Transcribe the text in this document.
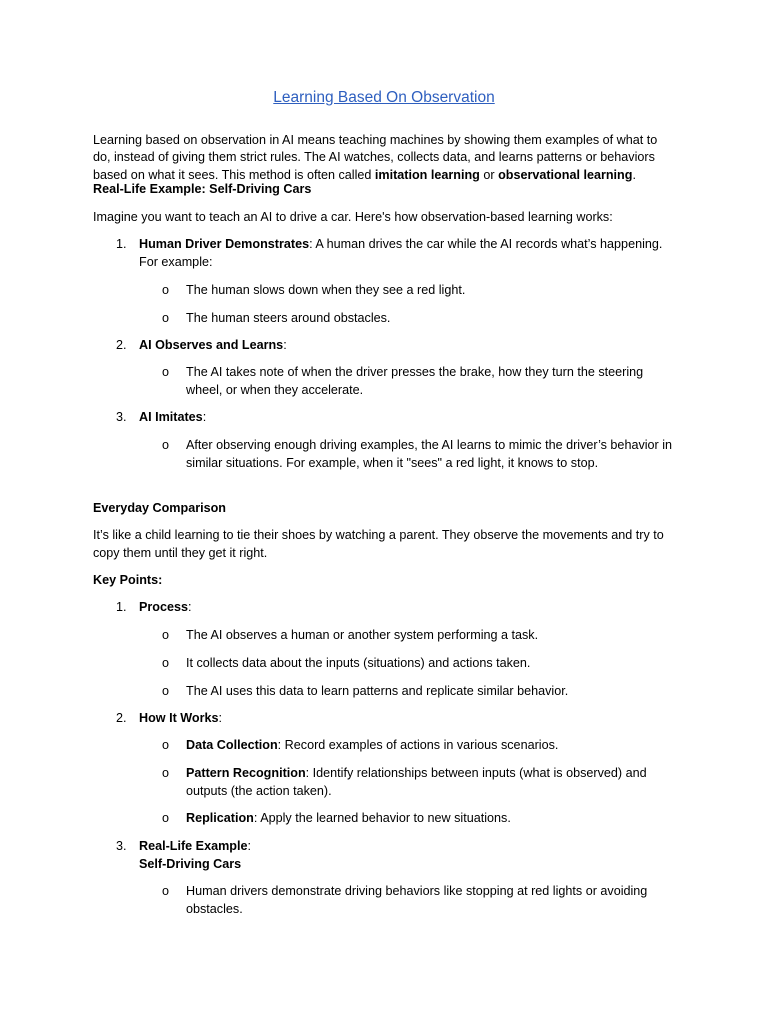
Learning Based On Observation

Learning based on observation in AI means teaching machines by showing them examples of what to do, instead of giving them strict rules. The AI watches, collects data, and learns patterns or behaviors based on what it sees. This method is often called imitation learning or observational learning.

Real-Life Example: Self-Driving Cars
Imagine you want to teach an AI to drive a car. Here's how observation-based learning works:
1. Human Driver Demonstrates: A human drives the car while the AI records what’s happening. For example:
o The human slows down when they see a red light.
o The human steers around obstacles.
2. AI Observes and Learns:
o The AI takes note of when the driver presses the brake, how they turn the steering wheel, or when they accelerate.
3. AI Imitates:
o After observing enough driving examples, the AI learns to mimic the driver’s behavior in similar situations. For example, when it "sees" a red light, it knows to stop.
Everyday Comparison
It’s like a child learning to tie their shoes by watching a parent. They observe the movements and try to copy them until they get it right.
Key Points:
1. Process:
o The AI observes a human or another system performing a task.
o It collects data about the inputs (situations) and actions taken.
o The AI uses this data to learn patterns and replicate similar behavior.
2. How It Works:
o Data Collection: Record examples of actions in various scenarios.
o Pattern Recognition: Identify relationships between inputs (what is observed) and outputs (the action taken).
o Replication: Apply the learned behavior to new situations.
3. Real-Life Example:
Self-Driving Cars
o Human drivers demonstrate driving behaviors like stopping at red lights or avoiding obstacles.
